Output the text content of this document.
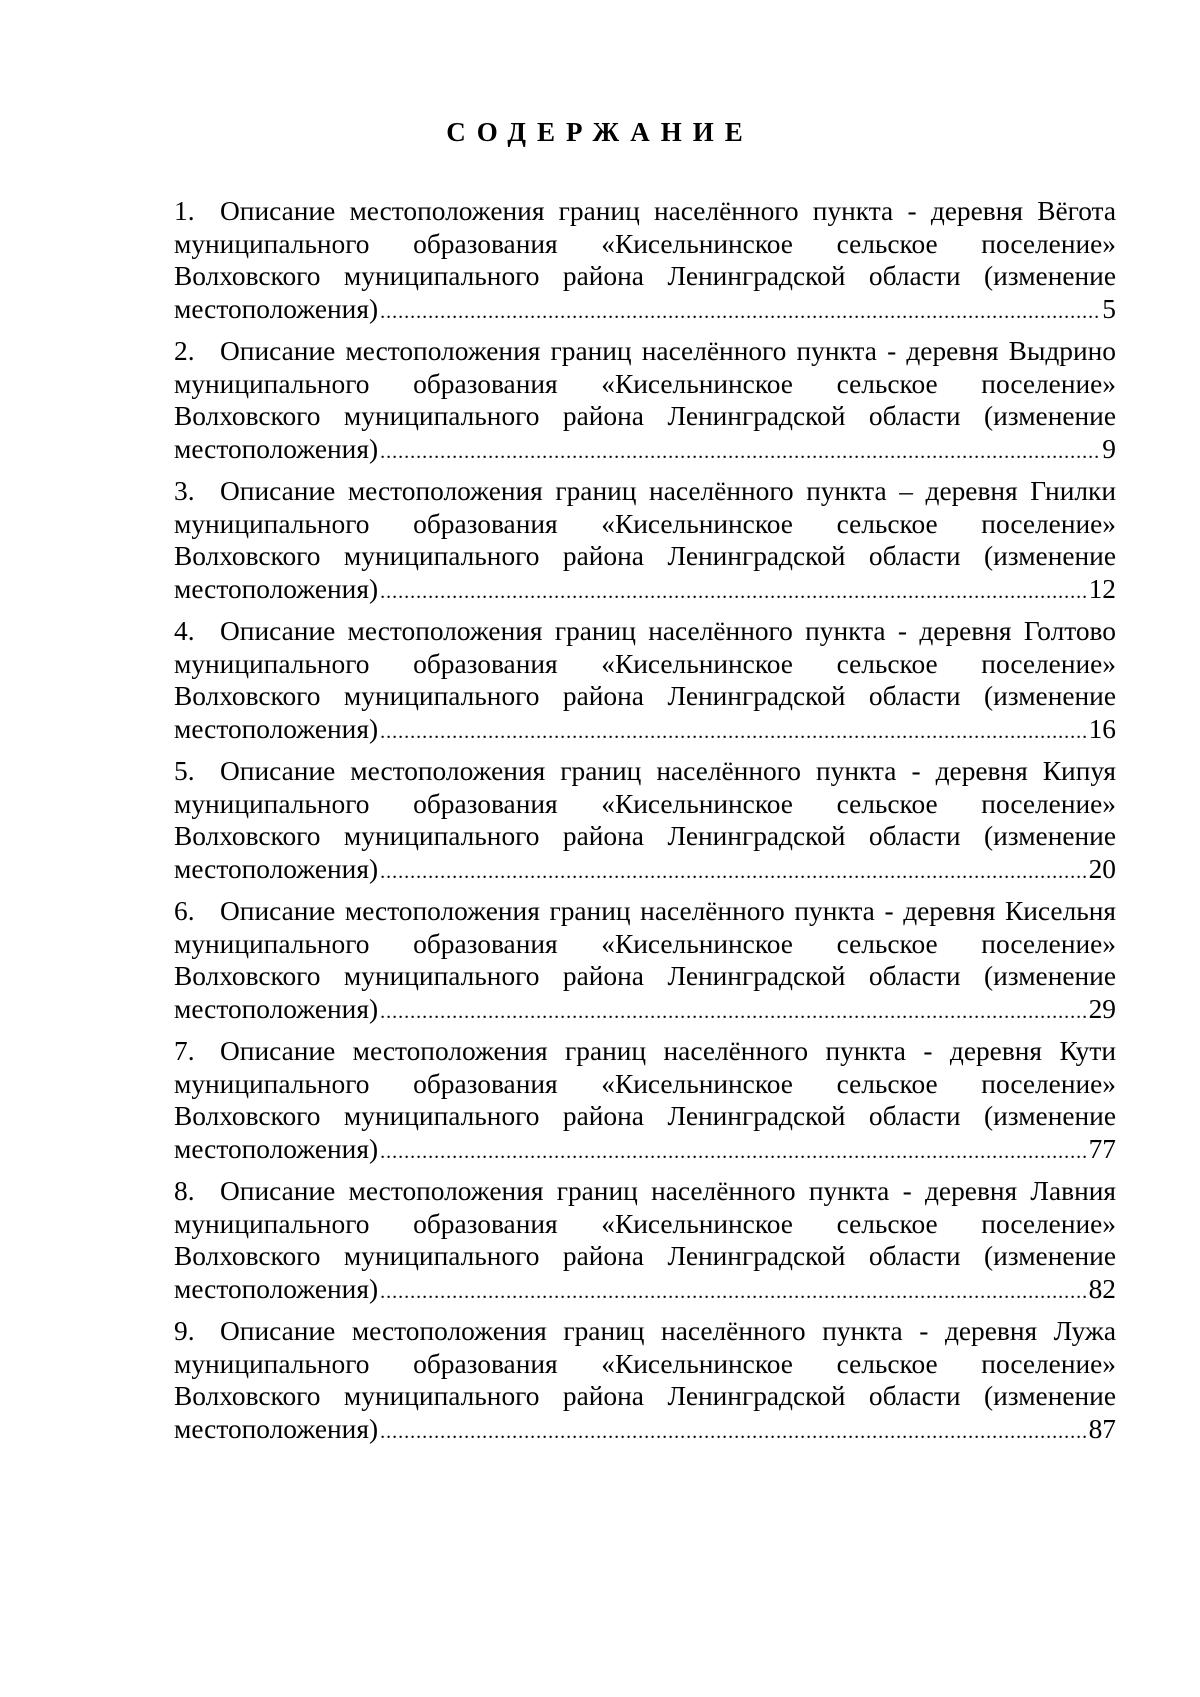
СОДЕРЖАНИЕ
1. Описание местоположения границ населённого пункта - деревня Вёгота
муниципального образования «Кисельнинское сельское поселение»
Волховского муниципального района Ленинградской области (изменение
местоположения) .....	5
2. Описание местоположения границ населённого пункта - деревня Выдрино
муниципального образования «Кисельнинское сельское поселение»
Волховского муниципального района Ленинградской области (изменение
местоположения) .....	9
3. Описание местоположения границ населённого пункта – деревня Гнилки
муниципального образования «Кисельнинское сельское поселение»
Волховского муниципального района Ленинградской области (изменение
местоположения) .....	12
4. Описание местоположения границ населённого пункта - деревня Голтово
муниципального образования «Кисельнинское сельское поселение»
Волховского муниципального района Ленинградской области (изменение
местоположения) .....	16
5. Описание местоположения границ населённого пункта - деревня Кипуя
муниципального образования «Кисельнинское сельское поселение»
Волховского муниципального района Ленинградской области (изменение
местоположения) .....	20
6. Описание местоположения границ населённого пункта - деревня Кисельня
муниципального образования «Кисельнинское сельское поселение»
Волховского муниципального района Ленинградской области (изменение
местоположения) .....	29
7. Описание местоположения границ населённого пункта - деревня Кути
муниципального образования «Кисельнинское сельское поселение»
Волховского муниципального района Ленинградской области (изменение
местоположения) .....	77
8. Описание местоположения границ населённого пункта - деревня Лавния
муниципального образования «Кисельнинское сельское поселение»
Волховского муниципального района Ленинградской области (изменение
местоположения) .....	82
9. Описание местоположения границ населённого пункта - деревня Лужа
муниципального образования «Кисельнинское сельское поселение»
Волховского муниципального района Ленинградской области (изменение
местоположения) .....	87
